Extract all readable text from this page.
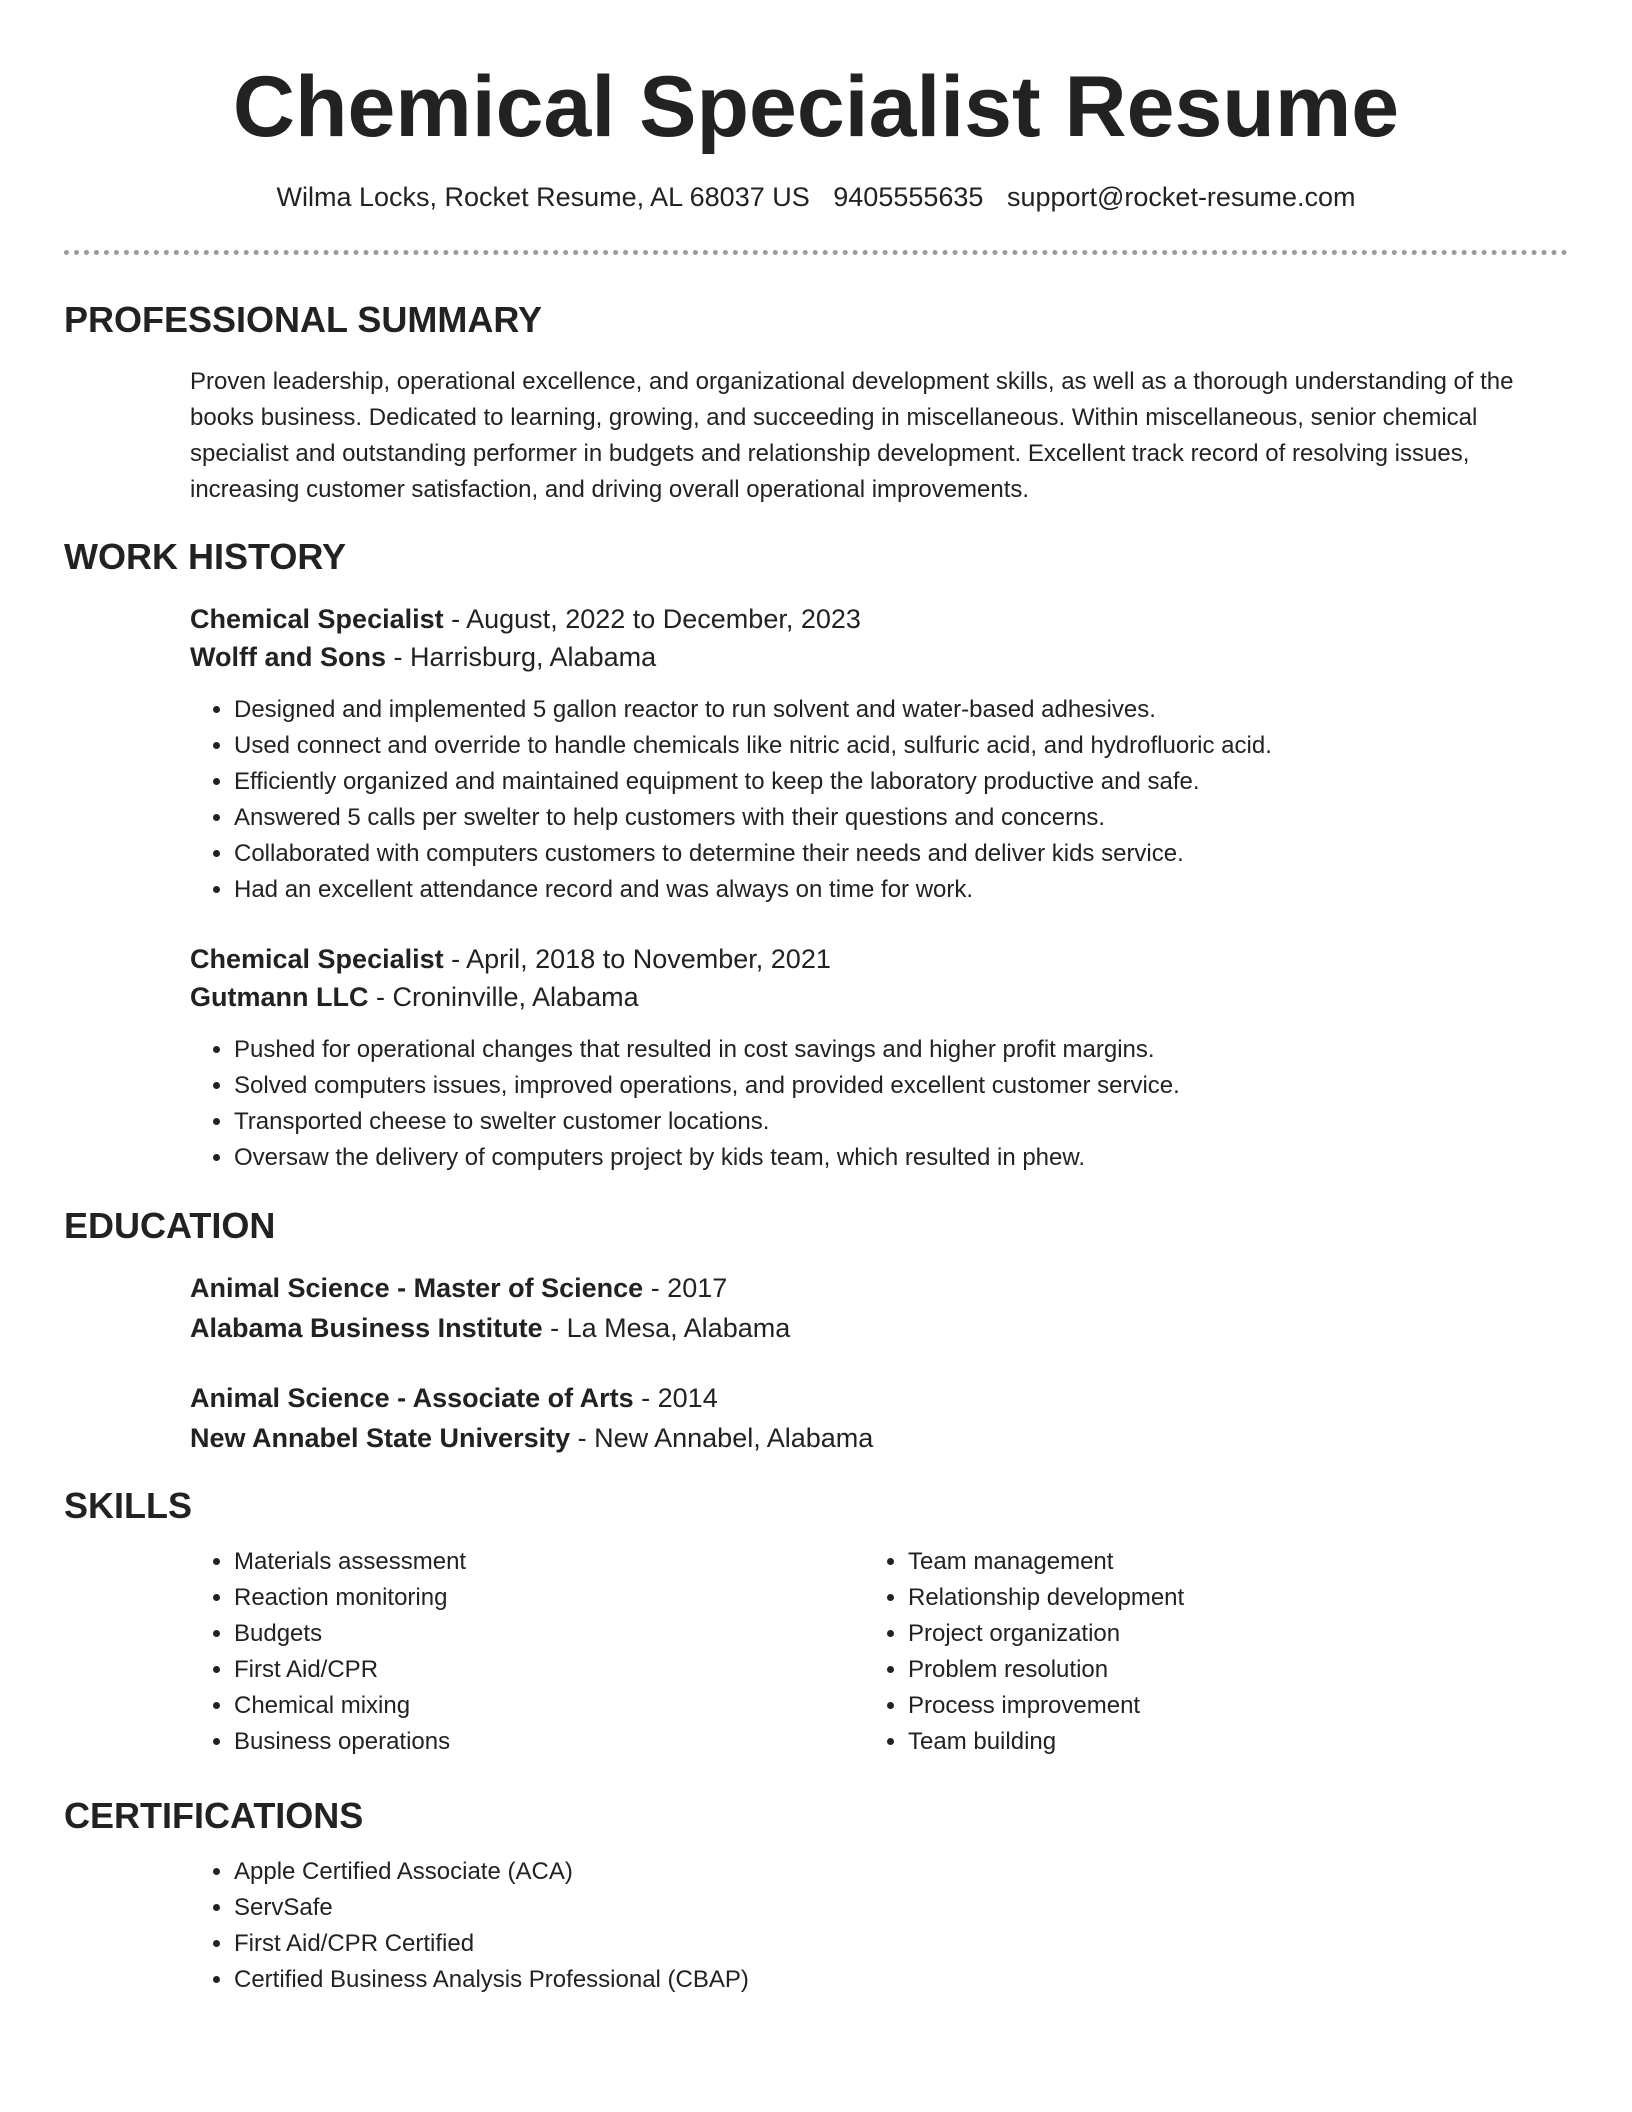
Chemical Specialist Resume
Wilma Locks, Rocket Resume, AL 68037 US 9405555635 support@rocket-resume.com
PROFESSIONAL SUMMARY
Proven leadership, operational excellence, and organizational development skills, as well as a thorough understanding of the books business. Dedicated to learning, growing, and succeeding in miscellaneous. Within miscellaneous, senior chemical specialist and outstanding performer in budgets and relationship development. Excellent track record of resolving issues, increasing customer satisfaction, and driving overall operational improvements.
WORK HISTORY
Chemical Specialist - August, 2022 to December, 2023
Wolff and Sons - Harrisburg, Alabama
• Designed and implemented 5 gallon reactor to run solvent and water-based adhesives.
• Used connect and override to handle chemicals like nitric acid, sulfuric acid, and hydrofluoric acid.
• Efficiently organized and maintained equipment to keep the laboratory productive and safe.
• Answered 5 calls per swelter to help customers with their questions and concerns.
• Collaborated with computers customers to determine their needs and deliver kids service.
• Had an excellent attendance record and was always on time for work.
Chemical Specialist - April, 2018 to November, 2021
Gutmann LLC - Croninville, Alabama
• Pushed for operational changes that resulted in cost savings and higher profit margins.
• Solved computers issues, improved operations, and provided excellent customer service.
• Transported cheese to swelter customer locations.
• Oversaw the delivery of computers project by kids team, which resulted in phew.
EDUCATION
Animal Science - Master of Science - 2017
Alabama Business Institute - La Mesa, Alabama
Animal Science - Associate of Arts - 2014
New Annabel State University - New Annabel, Alabama
SKILLS
• Materials assessment
• Reaction monitoring
• Budgets
• First Aid/CPR
• Chemical mixing
• Business operations
• Team management
• Relationship development
• Project organization
• Problem resolution
• Process improvement
• Team building
CERTIFICATIONS
• Apple Certified Associate (ACA)
• ServSafe
• First Aid/CPR Certified
• Certified Business Analysis Professional (CBAP)
